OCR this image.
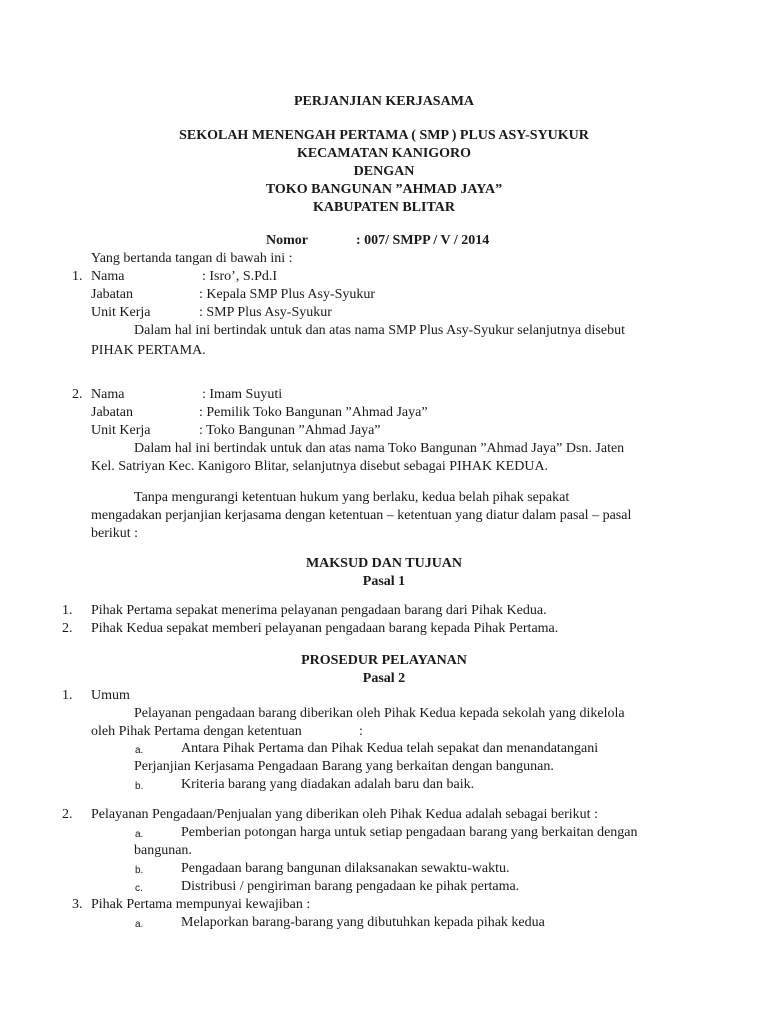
PERJANJIAN KERJASAMA
SEKOLAH MENENGAH PERTAMA ( SMP ) PLUS ASY-SYUKUR
KECAMATAN KANIGORO
DENGAN
TOKO BANGUNAN ”AHMAD JAYA”
KABUPATEN BLITAR
Nomor	: 007/ SMPP / V / 2014
Yang bertanda tangan di bawah ini :
1. Nama	: Isro’, S.Pd.I
Jabatan	: Kepala SMP Plus Asy-Syukur
Unit Kerja	: SMP Plus Asy-Syukur
Dalam hal ini bertindak untuk dan atas nama SMP Plus Asy-Syukur selanjutnya disebut
PIHAK PERTAMA.
2. Nama	: Imam Suyuti
Jabatan	: Pemilik Toko Bangunan ”Ahmad Jaya”
Unit Kerja	: Toko Bangunan ”Ahmad Jaya”
Dalam hal ini bertindak untuk dan atas nama Toko Bangunan ”Ahmad Jaya” Dsn. Jaten
Kel. Satriyan Kec. Kanigoro Blitar, selanjutnya disebut sebagai PIHAK KEDUA.
Tanpa mengurangi ketentuan hukum yang berlaku, kedua belah pihak sepakat
mengadakan perjanjian kerjasama dengan ketentuan – ketentuan yang diatur dalam pasal – pasal
berikut :
MAKSUD DAN TUJUAN
Pasal 1
1. Pihak Pertama sepakat menerima pelayanan pengadaan barang dari Pihak Kedua.
2. Pihak Kedua sepakat memberi pelayanan pengadaan barang kepada Pihak Pertama.
PROSEDUR PELAYANAN
Pasal 2
1. Umum
Pelayanan pengadaan barang diberikan oleh Pihak Kedua kepada sekolah yang dikelola
oleh Pihak Pertama dengan ketentuan	:
a.	Antara Pihak Pertama dan Pihak Kedua telah sepakat dan menandatangani
Perjanjian Kerjasama Pengadaan Barang yang berkaitan dengan bangunan.
b.	Kriteria barang yang diadakan adalah baru dan baik.
2. Pelayanan Pengadaan/Penjualan yang diberikan oleh Pihak Kedua adalah sebagai berikut :
a.	Pemberian potongan harga untuk setiap pengadaan barang yang berkaitan dengan
bangunan.
b.	Pengadaan barang bangunan dilaksanakan sewaktu-waktu.
c.	Distribusi / pengiriman barang pengadaan ke pihak pertama.
3. Pihak Pertama mempunyai kewajiban :
a.	Melaporkan barang-barang yang dibutuhkan kepada pihak kedua
